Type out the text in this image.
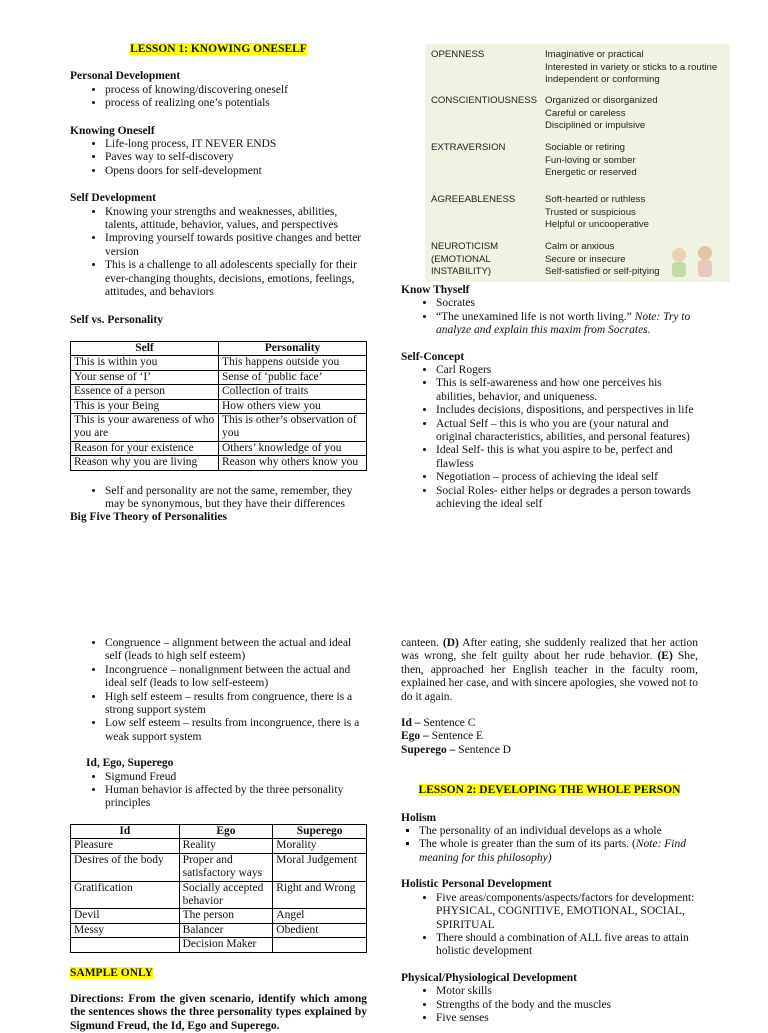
LESSON 1: KNOWING ONESELF
Personal Development
• process of knowing/discovering oneself
• process of realizing one’s potentials
Knowing Oneself
• Life-long process, IT NEVER ENDS
• Paves way to self-discovery
• Opens doors for self-development
Self Development
• Knowing your strengths and weaknesses, abilities, talents, attitude, behavior, values, and perspectives
• Improving yourself towards positive changes and better version
• This is a challenge to all adolescents specially for their ever-changing thoughts, decisions, emotions, feelings, attitudes, and behaviors
Self vs. Personality
Self	Personality
This is within you	This happens outside you
Your sense of ‘I’	Sense of ‘public face’
Essence of a person	Collection of traits
This is your Being	How others view you
This is your awareness of who you are	This is other’s observation of you
Reason for your existence	Others’ knowledge of you
Reason why you are living	Reason why others know you
• Self and personality are not the same, remember, they may be synonymous, but they have their differences
Big Five Theory of Personalities
OPENNESS	Imaginative or practical
Interested in variety or sticks to a routine
Independent or conforming
CONSCIENTIOUSNESS Organized or disorganized
Careful or careless
Disciplined or impulsive
EXTRAVERSION	Sociable or retiring
Fun-loving or somber
Energetic or reserved
AGREEABLENESS	Soft-hearted or ruthless
Trusted or suspicious
Helpful or uncooperative
NEUROTICISM (EMOTIONAL INSTABILITY)
Calm or anxious
Secure or insecure
Self-satisfied or self-pitying
Know Thyself
• Socrates
• “The unexamined life is not worth living.” Note: Try to analyze and explain this maxim from Socrates.
Self-Concept
• Carl Rogers
• This is self-awareness and how one perceives his abilities, behavior, and uniqueness.
• Includes decisions, dispositions, and perspectives in life
• Actual Self – this is who you are (your natural and original characteristics, abilities, and personal features)
• Ideal Self- this is what you aspire to be, perfect and flawless
• Negotiation – process of achieving the ideal self
• Social Roles- either helps or degrades a person towards achieving the ideal self
• Congruence – alignment between the actual and ideal self (leads to high self esteem)
• Incongruence – nonalignment between the actual and ideal self (leads to low self-esteem)
• High self esteem – results from congruence, there is a strong support system
• Low self esteem – results from incongruence, there is a weak support system
Id, Ego, Superego
• Sigmund Freud
• Human behavior is affected by the three personality principles
Id	Ego	Superego
Pleasure	Reality	Morality
Desires of the body	Proper and satisfactory ways	Moral Judgement
Gratification	Socially accepted behavior	Right and Wrong
Devil	The person	Angel
Messy	Balancer	Obedient
	Decision Maker	
SAMPLE ONLY
Directions: From the given scenario, identify which among the sentences shows the three personality types explained by Sigmund Freud, the Id, Ego and Superego.
canteen. (D) After eating, she suddenly realized that her action was wrong, she felt guilty about her rude behavior. (E) She, then, approached her English teacher in the faculty room, explained her case, and with sincere apologies, she vowed not to do it again.
Id – Sentence C
Ego – Sentence E
Superego – Sentence D
LESSON 2: DEVELOPING THE WHOLE PERSON
Holism
▪ The personality of an individual develops as a whole
▪ The whole is greater than the sum of its parts. (Note: Find meaning for this philosophy)
Holistic Personal Development
• Five areas/components/aspects/factors for development: PHYSICAL, COGNITIVE, EMOTIONAL, SOCIAL, SPIRITUAL
• There should a combination of ALL five areas to attain holistic development
Physical/Physiological Development
• Motor skills
• Strengths of the body and the muscles
• Five senses
